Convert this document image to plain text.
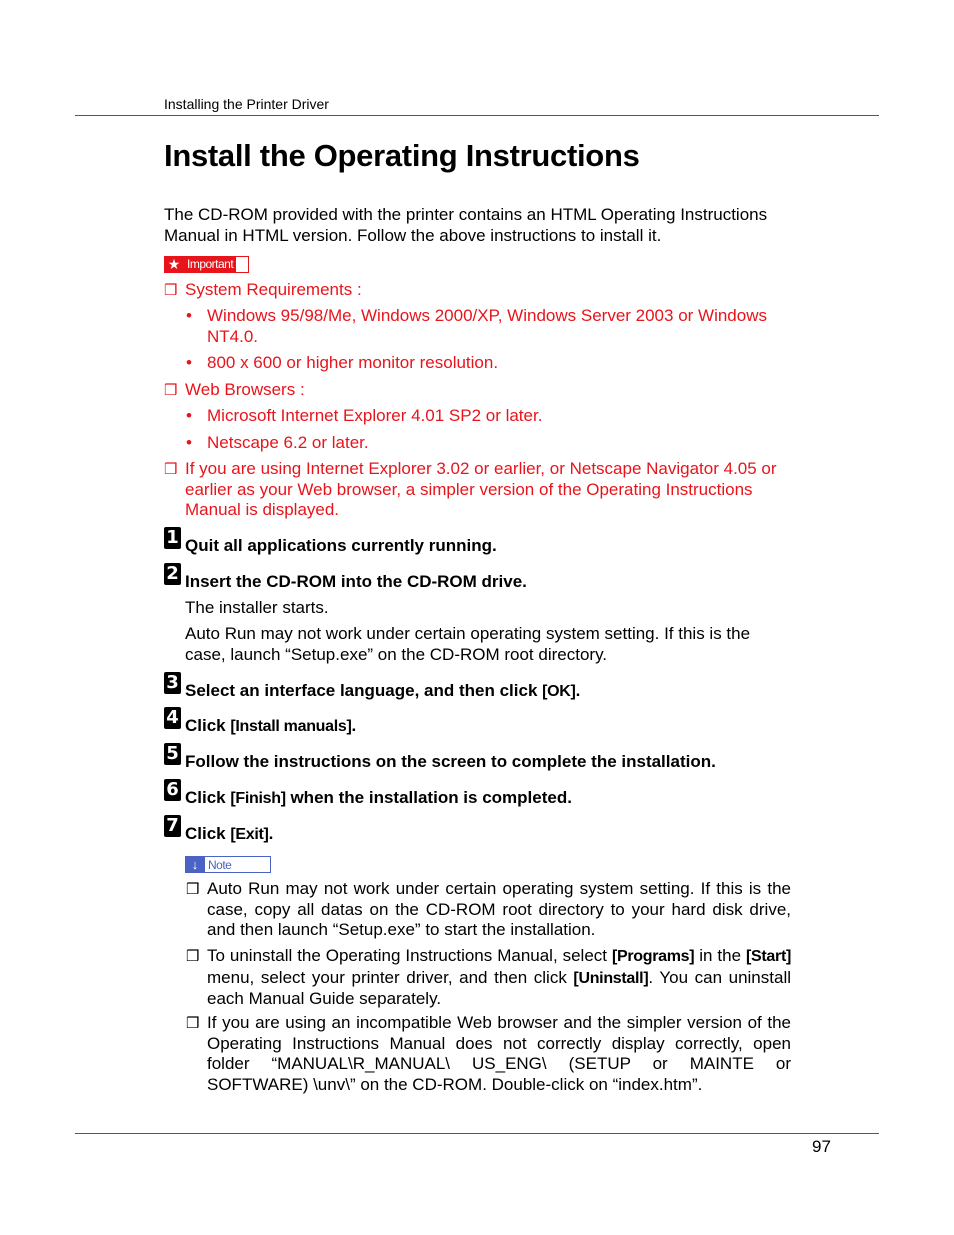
Installing the Printer Driver
Install the Operating Instructions
The CD-ROM provided with the printer contains an HTML Operating Instructions Manual in HTML version. Follow the above instructions to install it.
★ Important
❒ System Requirements :
• Windows 95/98/Me, Windows 2000/XP, Windows Server 2003 or Windows NT4.0.
• 800 x 600 or higher monitor resolution.
❒ Web Browsers :
• Microsoft Internet Explorer 4.01 SP2 or later.
• Netscape 6.2 or later.
❒ If you are using Internet Explorer 3.02 or earlier, or Netscape Navigator 4.05 or earlier as your Web browser, a simpler version of the Operating Instructions Manual is displayed.
1 Quit all applications currently running.
2 Insert the CD-ROM into the CD-ROM drive.
The installer starts.
Auto Run may not work under certain operating system setting. If this is the case, launch “Setup.exe” on the CD-ROM root directory.
3 Select an interface language, and then click [OK].
4 Click [Install manuals].
5 Follow the instructions on the screen to complete the installation.
6 Click [Finish] when the installation is completed.
7 Click [Exit].
↓ Note
❒ Auto Run may not work under certain operating system setting. If this is the case, copy all datas on the CD-ROM root directory to your hard disk drive, and then launch “Setup.exe” to start the installation.
❒ To uninstall the Operating Instructions Manual, select [Programs] in the [Start] menu, select your printer driver, and then click [Uninstall]. You can uninstall each Manual Guide separately.
❒ If you are using an incompatible Web browser and the simpler version of the Operating Instructions Manual does not correctly display correctly, open folder “MANUAL\R_MANUAL\ US_ENG\ (SETUP or MAINTE or SOFTWARE) \unv\” on the CD-ROM. Double-click on “index.htm”.
97
